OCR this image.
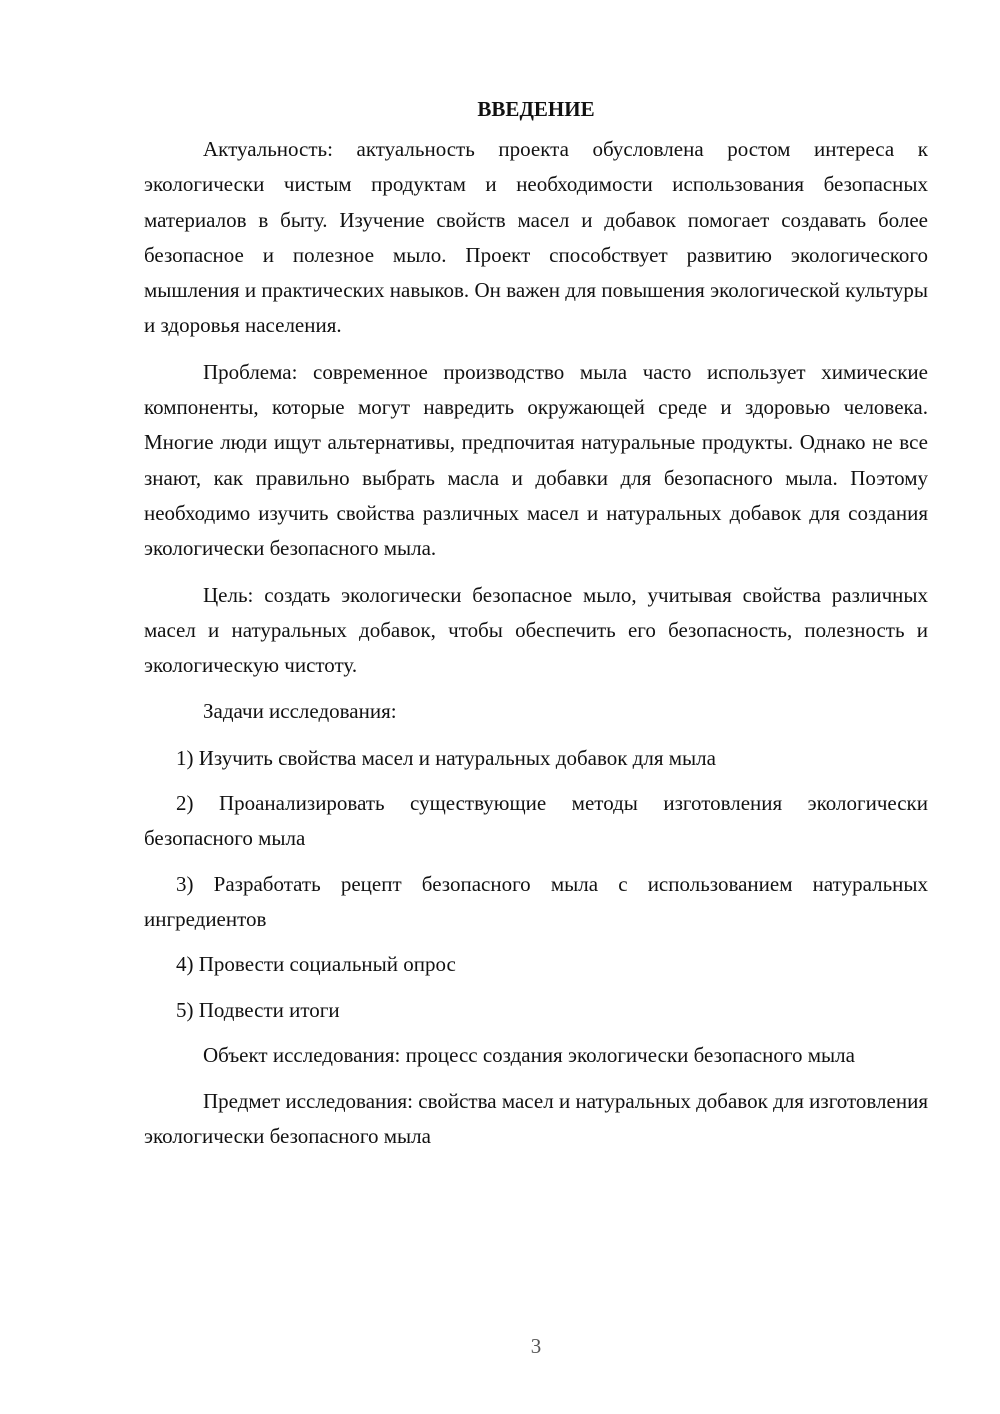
ВВЕДЕНИЕ

Актуальность: актуальность проекта обусловлена ростом интереса к экологически чистым продуктам и необходимости использования безопасных материалов в быту. Изучение свойств масел и добавок помогает создавать более безопасное и полезное мыло. Проект способствует развитию экологического мышления и практических навыков. Он важен для повышения экологической культуры и здоровья населения.

Проблема: современное производство мыла часто использует химические компоненты, которые могут навредить окружающей среде и здоровью человека. Многие люди ищут альтернативы, предпочитая натуральные продукты. Однако не все знают, как правильно выбрать масла и добавки для безопасного мыла. Поэтому необходимо изучить свойства различных масел и натуральных добавок для создания экологически безопасного мыла.

Цель: создать экологически безопасное мыло, учитывая свойства различных масел и натуральных добавок, чтобы обеспечить его безопасность, полезность и экологическую чистоту.

Задачи исследования:

1) Изучить свойства масел и натуральных добавок для мыла

2) Проанализировать существующие методы изготовления экологически безопасного мыла

3) Разработать рецепт безопасного мыла с использованием натуральных ингредиентов

4) Провести социальный опрос

5) Подвести итоги

Объект исследования: процесс создания экологически безопасного мыла

Предмет исследования: свойства масел и натуральных добавок для изготовления экологически безопасного мыла

3
